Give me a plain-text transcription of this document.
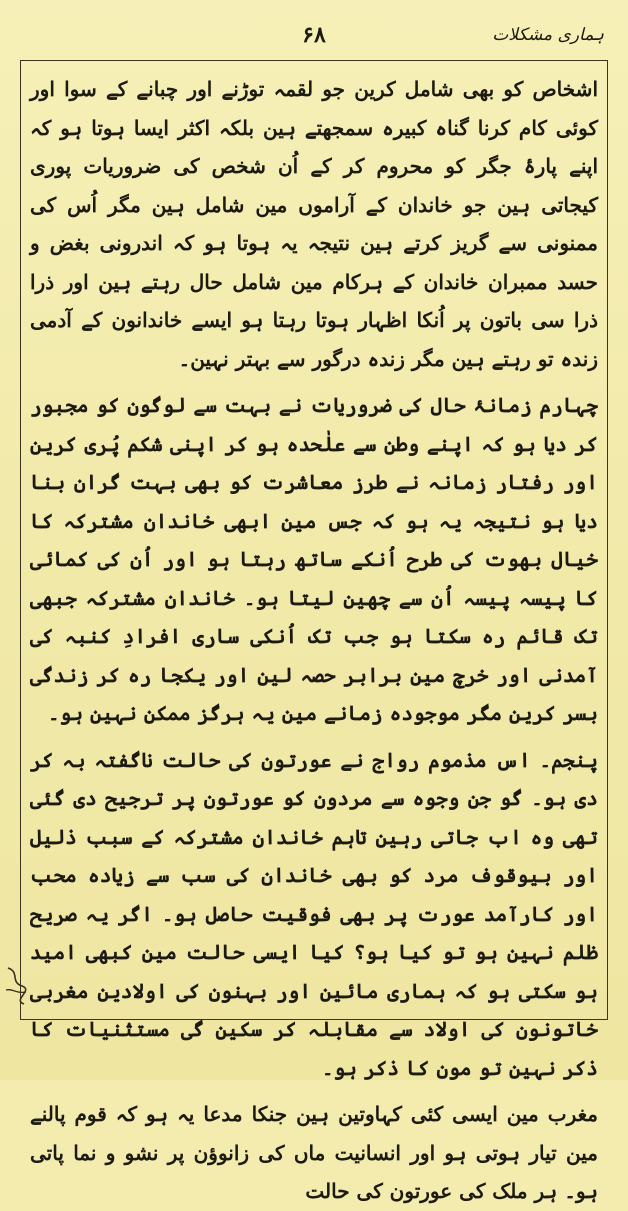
ہماری مشکلات
۶۸

اشخاص کو بھی شامل کرین جو لقمہ توڑنے اور چبانے کے سوا اور کوئی کام کرنا گناہ کبیرہ سمجھتے ہین بلکہ اکثر ایسا ہوتا ہو کہ اپنے پارۂ جگر کو محروم کر کے اُن شخص کی ضروریات پوری کیجاتی ہین جو خاندان کے آراموں مین شامل ہین مگر اُس کی ممنونی سے گریز کرتے ہین نتیجہ یہ ہوتا ہو کہ اندرونی بغض و حسد ممبران خاندان کے ہرکام مین شامل حال رہتے ہین اور ذرا ذرا سی باتون پر اُنکا اظہار ہوتا رہتا ہو ایسے خاندانون کے آدمی زندہ تو رہتے ہین مگر زندہ درگور سے بہتر نہین۔

چہارم زمانۂ حال کی ضروریات نے بہت سے لوگون کو مجبور کر دیا ہو کہ اپنے وطن سے علٰحدہ ہو کر اپنی شکم پُری کرین اور رفتار زمانہ نے طرز معاشرت کو بھی بہت گران بنا دیا ہو نتیجہ یہ ہو کہ جس مین ابھی خاندان مشترکہ کا خیال بھوت کی طرح اُنکے ساتھ رہتا ہو اور اُن کی کمائی کا پیسہ پیسہ اُن سے چھین لیتا ہو۔ خاندان مشترکہ جبھی تک قائم رہ سکتا ہو جب تک اُنکی ساری افرادِ کنبہ کی آمدنی اور خرچ مین برابر حصہ لین اور یکجا رہ کر زندگی بسر کرین مگر موجودہ زمانے مین یہ ہرگز ممکن نہین ہو۔

پنجم۔ اس مذموم رواج نے عورتون کی حالت ناگفتہ بہ کر دی ہو۔ گو جن وجوہ سے مردون کو عورتون پر ترجیح دی گئی تھی وہ اب جاتی رہین تاہم خاندان مشترکہ کے سبب ذلیل اور بیوقوف مرد کو بھی خاندان کی سب سے زیادہ محب اور کارآمد عورت پر بھی فوقیت حاصل ہو۔ اگر یہ صریح ظلم نہین ہو تو کیا ہو؟ کیا ایسی حالت مین کبھی امید ہو سکتی ہو کہ ہماری مائین اور بہنون کی اولادین مغربی خاتونون کی اولاد سے مقابلہ کر سکین گی مستثنیات کا ذکر نہین تو مون کا ذکر ہو۔

مغرب مین ایسی کئی کہاوتین ہین جنکا مدعا یہ ہو کہ قوم پالنے مین تیار ہوتی ہو اور انسانیت ماں کی زانوؤن پر نشو و نما پاتی ہو۔ ہر ملک کی عورتون کی حالت
